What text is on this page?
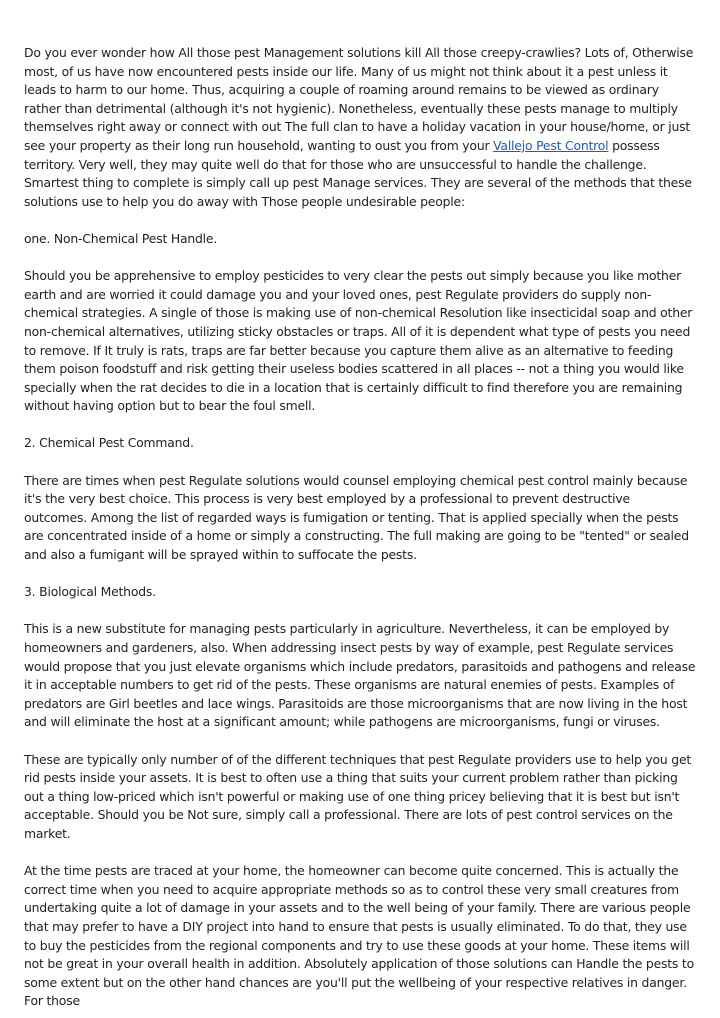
Do you ever wonder how All those pest Management solutions kill All those creepy-crawlies? Lots of, Otherwise most, of us have now encountered pests inside our life. Many of us might not think about it a pest unless it leads to harm to our home. Thus, acquiring a couple of roaming around remains to be viewed as ordinary rather than detrimental (although it's not hygienic). Nonetheless, eventually these pests manage to multiply themselves right away or connect with out The full clan to have a holiday vacation in your house/home, or just see your property as their long run household, wanting to oust you from your Vallejo Pest Control possess territory. Very well, they may quite well do that for those who are unsuccessful to handle the challenge. Smartest thing to complete is simply call up pest Manage services. They are several of the methods that these solutions use to help you do away with Those people undesirable people:

one. Non-Chemical Pest Handle.

Should you be apprehensive to employ pesticides to very clear the pests out simply because you like mother earth and are worried it could damage you and your loved ones, pest Regulate providers do supply non-chemical strategies. A single of those is making use of non-chemical Resolution like insecticidal soap and other non-chemical alternatives, utilizing sticky obstacles or traps. All of it is dependent what type of pests you need to remove. If It truly is rats, traps are far better because you capture them alive as an alternative to feeding them poison foodstuff and risk getting their useless bodies scattered in all places -- not a thing you would like specially when the rat decides to die in a location that is certainly difficult to find therefore you are remaining without having option but to bear the foul smell.

2. Chemical Pest Command.

There are times when pest Regulate solutions would counsel employing chemical pest control mainly because it's the very best choice. This process is very best employed by a professional to prevent destructive outcomes. Among the list of regarded ways is fumigation or tenting. That is applied specially when the pests are concentrated inside of a home or simply a constructing. The full making are going to be "tented" or sealed and also a fumigant will be sprayed within to suffocate the pests.

3. Biological Methods.

This is a new substitute for managing pests particularly in agriculture. Nevertheless, it can be employed by homeowners and gardeners, also. When addressing insect pests by way of example, pest Regulate services would propose that you just elevate organisms which include predators, parasitoids and pathogens and release it in acceptable numbers to get rid of the pests. These organisms are natural enemies of pests. Examples of predators are Girl beetles and lace wings. Parasitoids are those microorganisms that are now living in the host and will eliminate the host at a significant amount; while pathogens are microorganisms, fungi or viruses.

These are typically only number of of the different techniques that pest Regulate providers use to help you get rid pests inside your assets. It is best to often use a thing that suits your current problem rather than picking out a thing low-priced which isn't powerful or making use of one thing pricey believing that it is best but isn't acceptable. Should you be Not sure, simply call a professional. There are lots of pest control services on the market.

At the time pests are traced at your home, the homeowner can become quite concerned. This is actually the correct time when you need to acquire appropriate methods so as to control these very small creatures from undertaking quite a lot of damage in your assets and to the well being of your family. There are various people that may prefer to have a DIY project into hand to ensure that pests is usually eliminated. To do that, they use to buy the pesticides from the regional components and try to use these goods at your home. These items will not be great in your overall health in addition. Absolutely application of those solutions can Handle the pests to some extent but on the other hand chances are you'll put the wellbeing of your respective relatives in danger. For those
